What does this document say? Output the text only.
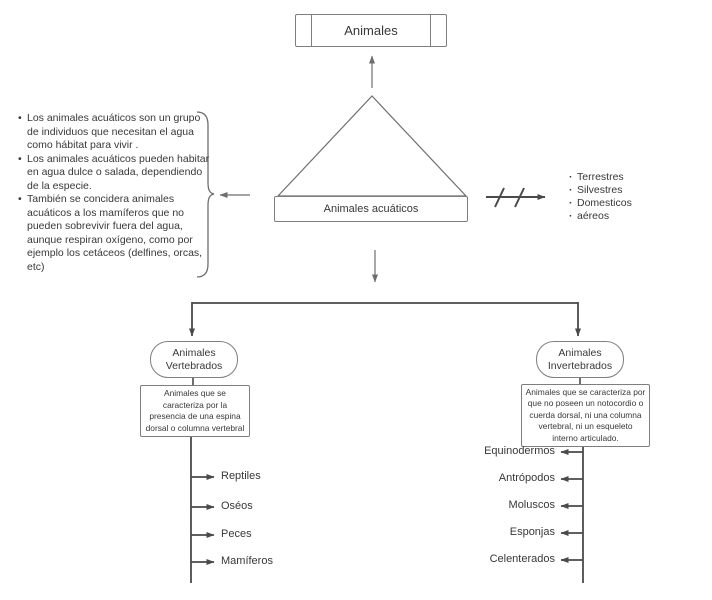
Animales
Animales acuáticos
• Los animales acuáticos son un grupo de individuos que necesitan el agua como hábitat para vivir .
• Los animales acuáticos pueden habitar en agua dulce o salada, dependiendo de la especie.
• También se concidera animales acuáticos a los mamíferos que no pueden sobrevivir fuera del agua, aunque respiran oxígeno, como por ejemplo los cetáceos (delfines, orcas, etc)
· Terrestres
· Silvestres
· Domesticos
· aéreos
Animales Vertebrados
Animales que se caracteriza por la presencia de una espina dorsal o columna vertebral
Reptiles
Oséos
Peces
Mamíferos
Animales Invertebrados
Animales que se caracteriza por que no poseen un notocordio o cuerda dorsal, ni una columna vertebral, ni un esqueleto interno articulado.
Equinodermos
Antrópodos
Moluscos
Esponjas
Celenterados
